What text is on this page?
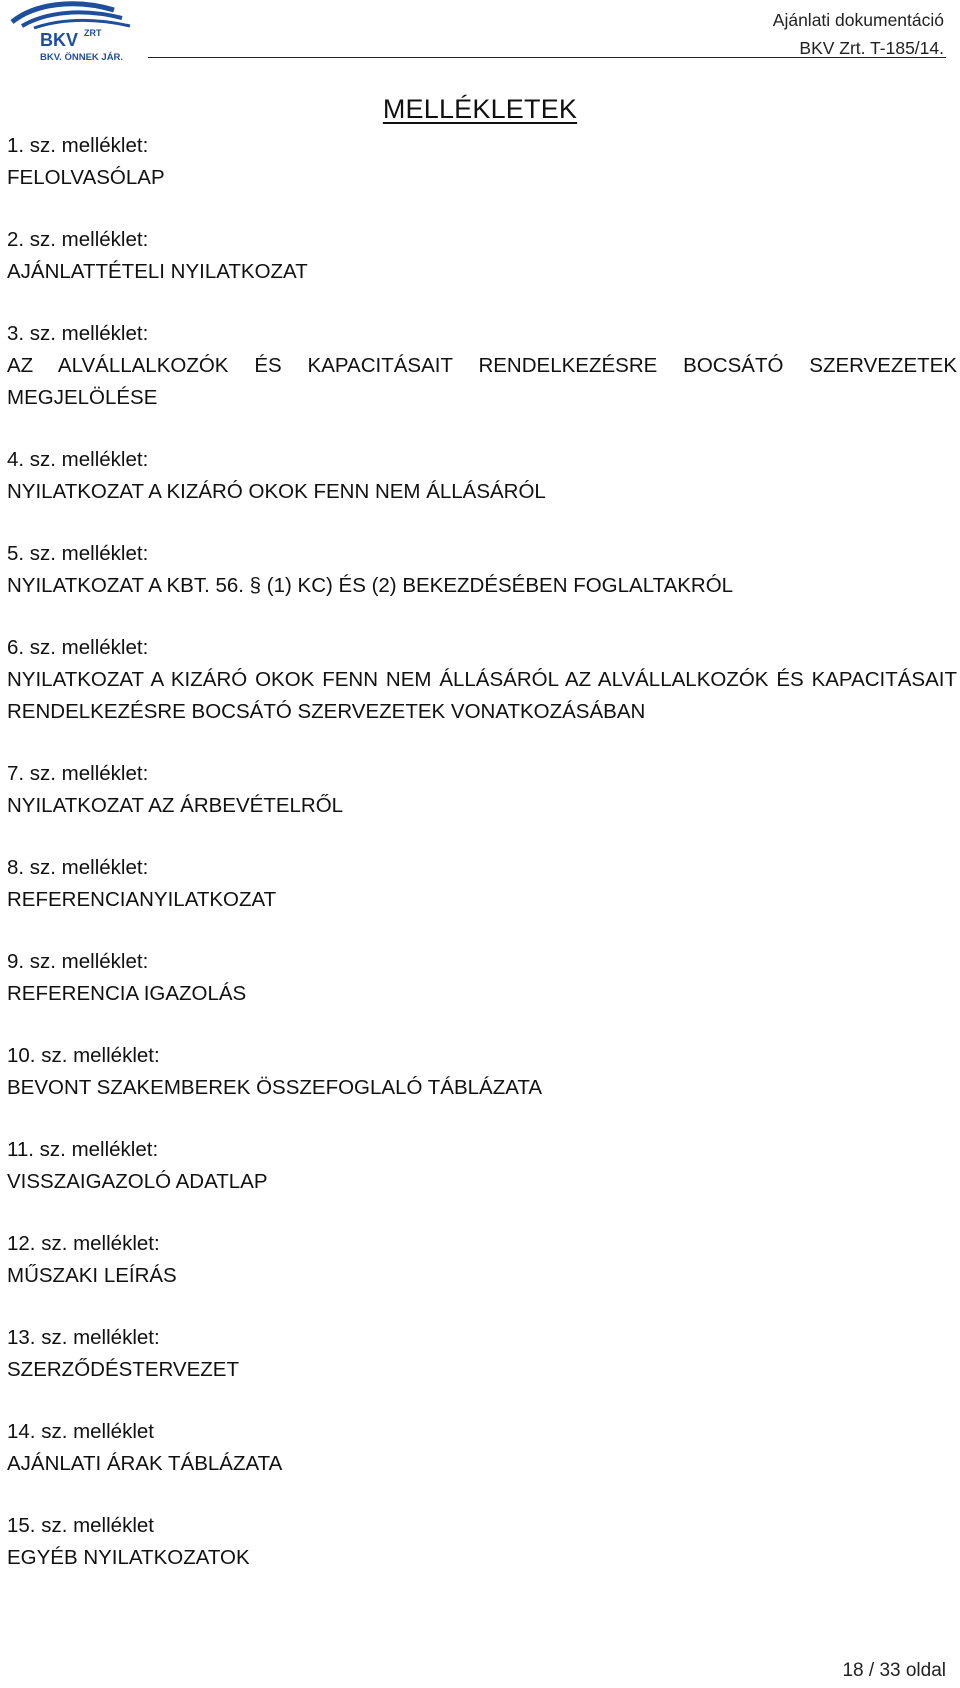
BKV ZRT
BKV. ÖNNEK JÁR.
Ajánlati dokumentáció
BKV Zrt. T-185/14.
MELLÉKLETEK
1. sz. melléklet:
FELOLVASÓLAP
2. sz. melléklet:
AJÁNLATTÉTELI NYILATKOZAT
3. sz. melléklet:
AZ ALVÁLLALKOZÓK ÉS KAPACITÁSAIT RENDELKEZÉSRE BOCSÁTÓ SZERVEZETEK MEGJELÖLÉSE
4. sz. melléklet:
NYILATKOZAT A KIZÁRÓ OKOK FENN NEM ÁLLÁSÁRÓL
5. sz. melléklet:
NYILATKOZAT A KBT. 56. § (1) KC) ÉS (2) BEKEZDÉSÉBEN FOGLALTAKRÓL
6. sz. melléklet:
NYILATKOZAT A KIZÁRÓ OKOK FENN NEM ÁLLÁSÁRÓL AZ ALVÁLLALKOZÓK ÉS KAPACITÁSAIT RENDELKEZÉSRE BOCSÁTÓ SZERVEZETEK VONATKOZÁSÁBAN
7. sz. melléklet:
NYILATKOZAT AZ ÁRBEVÉTELRŐL
8. sz. melléklet:
REFERENCIANYILATKOZAT
9. sz. melléklet:
REFERENCIA IGAZOLÁS
10. sz. melléklet:
BEVONT SZAKEMBEREK ÖSSZEFOGLALÓ TÁBLÁZATA
11. sz. melléklet:
VISSZAIGAZOLÓ ADATLAP
12. sz. melléklet:
MŰSZAKI LEÍRÁS
13. sz. melléklet:
SZERZŐDÉSTERVEZET
14. sz. melléklet
AJÁNLATI ÁRAK TÁBLÁZATA
15. sz. melléklet
EGYÉB NYILATKOZATOK
18 / 33 oldal
